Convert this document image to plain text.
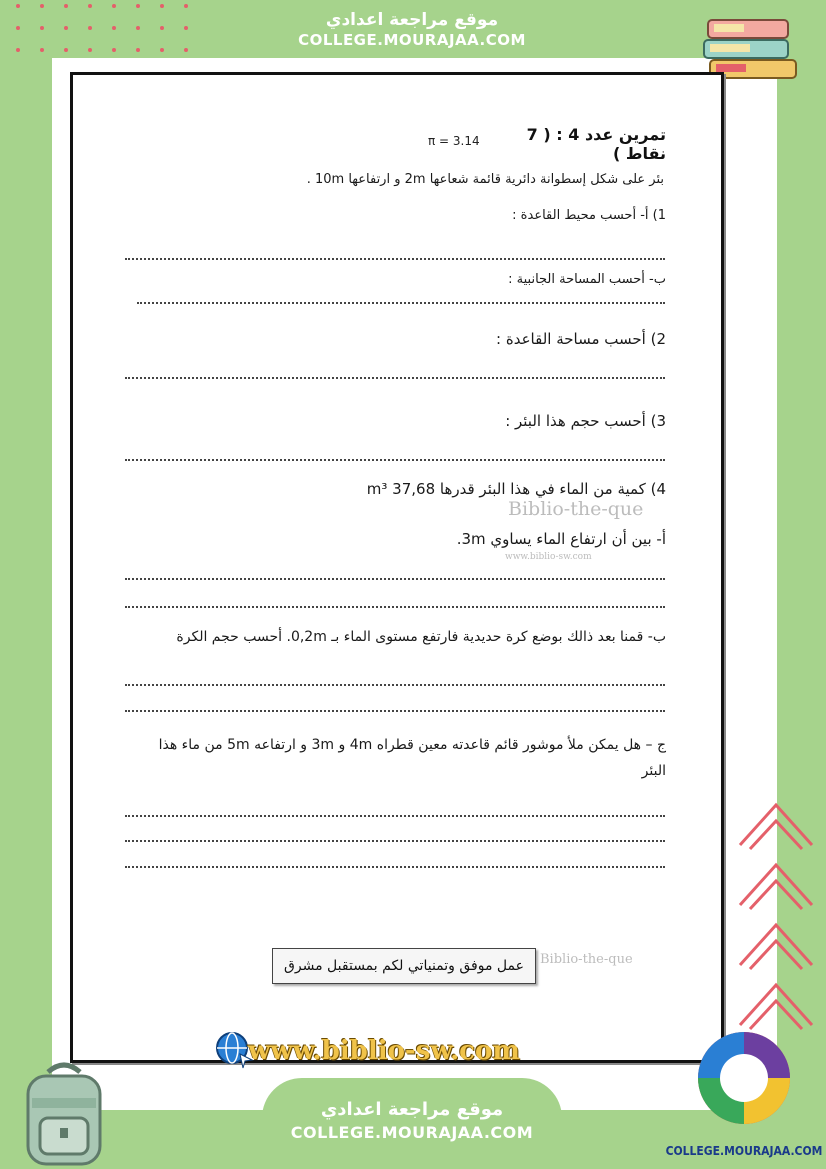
موقع مراجعة اعدادي
COLLEGE.MOURAJAA.COM
تمرين عدد 4 : ( 7 نقاط )
π = 3.14
بئر على شكل إسطوانة دائرية قائمة شعاعها 2m و ارتفاعها 10m .
1) أ- أحسب محيط القاعدة :
ب- أحسب المساحة الجانبية :
2) أحسب مساحة القاعدة :
3) أحسب حجم هذا البئر :
4) كمية من الماء في هذا البئر قدرها 37,68 m³
Biblio-the-que
أ- بين أن ارتفاع الماء يساوي 3m.
www.biblio-sw.com
ب- قمنا بعد ذالك بوضع كرة حديدية فارتفع مستوى الماء بـ 0,2m. أحسب حجم الكرة
ج – هل يمكن ملأ موشور قائم قاعدته معين قطراه 4m و 3m و ارتفاعه 5m من ماء هذا
البئر
عمل موفق وتمنياتي لكم بمستقبل مشرق	Biblio-the-que
www.biblio-sw.com
موقع مراجعة اعدادي
COLLEGE.MOURAJAA.COM
COLLEGE.MOURAJAA.COM
